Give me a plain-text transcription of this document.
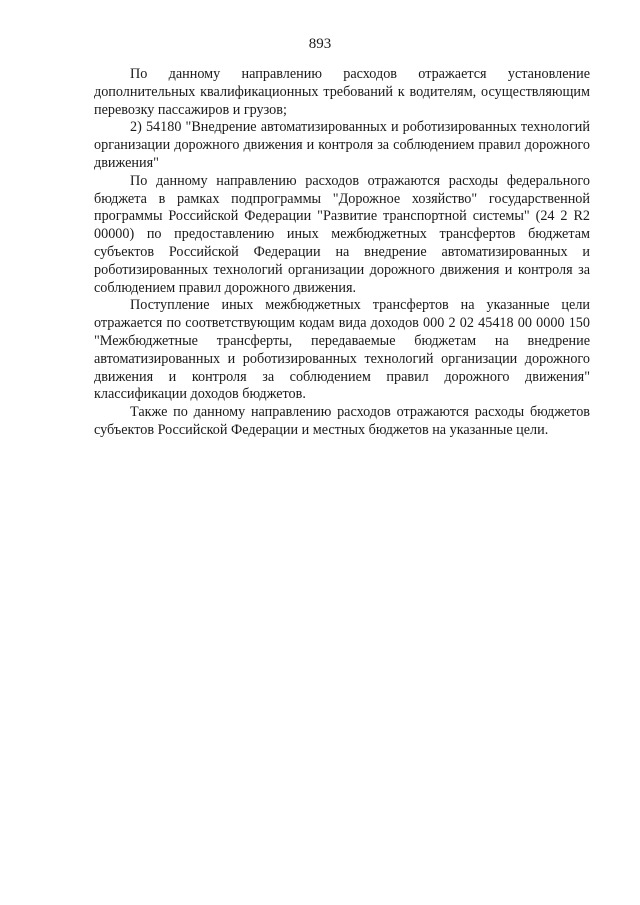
893

По данному направлению расходов отражается установление дополнительных квалификационных требований к водителям, осуществляющим перевозку пассажиров и грузов;

2) 54180 "Внедрение автоматизированных и роботизированных технологий организации дорожного движения и контроля за соблюдением правил дорожного движения"

По данному направлению расходов отражаются расходы федерального бюджета в рамках подпрограммы "Дорожное хозяйство" государственной программы Российской Федерации "Развитие транспортной системы" (24 2 R2 00000) по предоставлению иных межбюджетных трансфертов бюджетам субъектов Российской Федерации на внедрение автоматизированных и роботизированных технологий организации дорожного движения и контроля за соблюдением правил дорожного движения.

Поступление иных межбюджетных трансфертов на указанные цели отражается по соответствующим кодам вида доходов 000 2 02 45418 00 0000 150 "Межбюджетные трансферты, передаваемые бюджетам на внедрение автоматизированных и роботизированных технологий организации дорожного движения и контроля за соблюдением правил дорожного движения" классификации доходов бюджетов.

Также по данному направлению расходов отражаются расходы бюджетов субъектов Российской Федерации и местных бюджетов на указанные цели.
